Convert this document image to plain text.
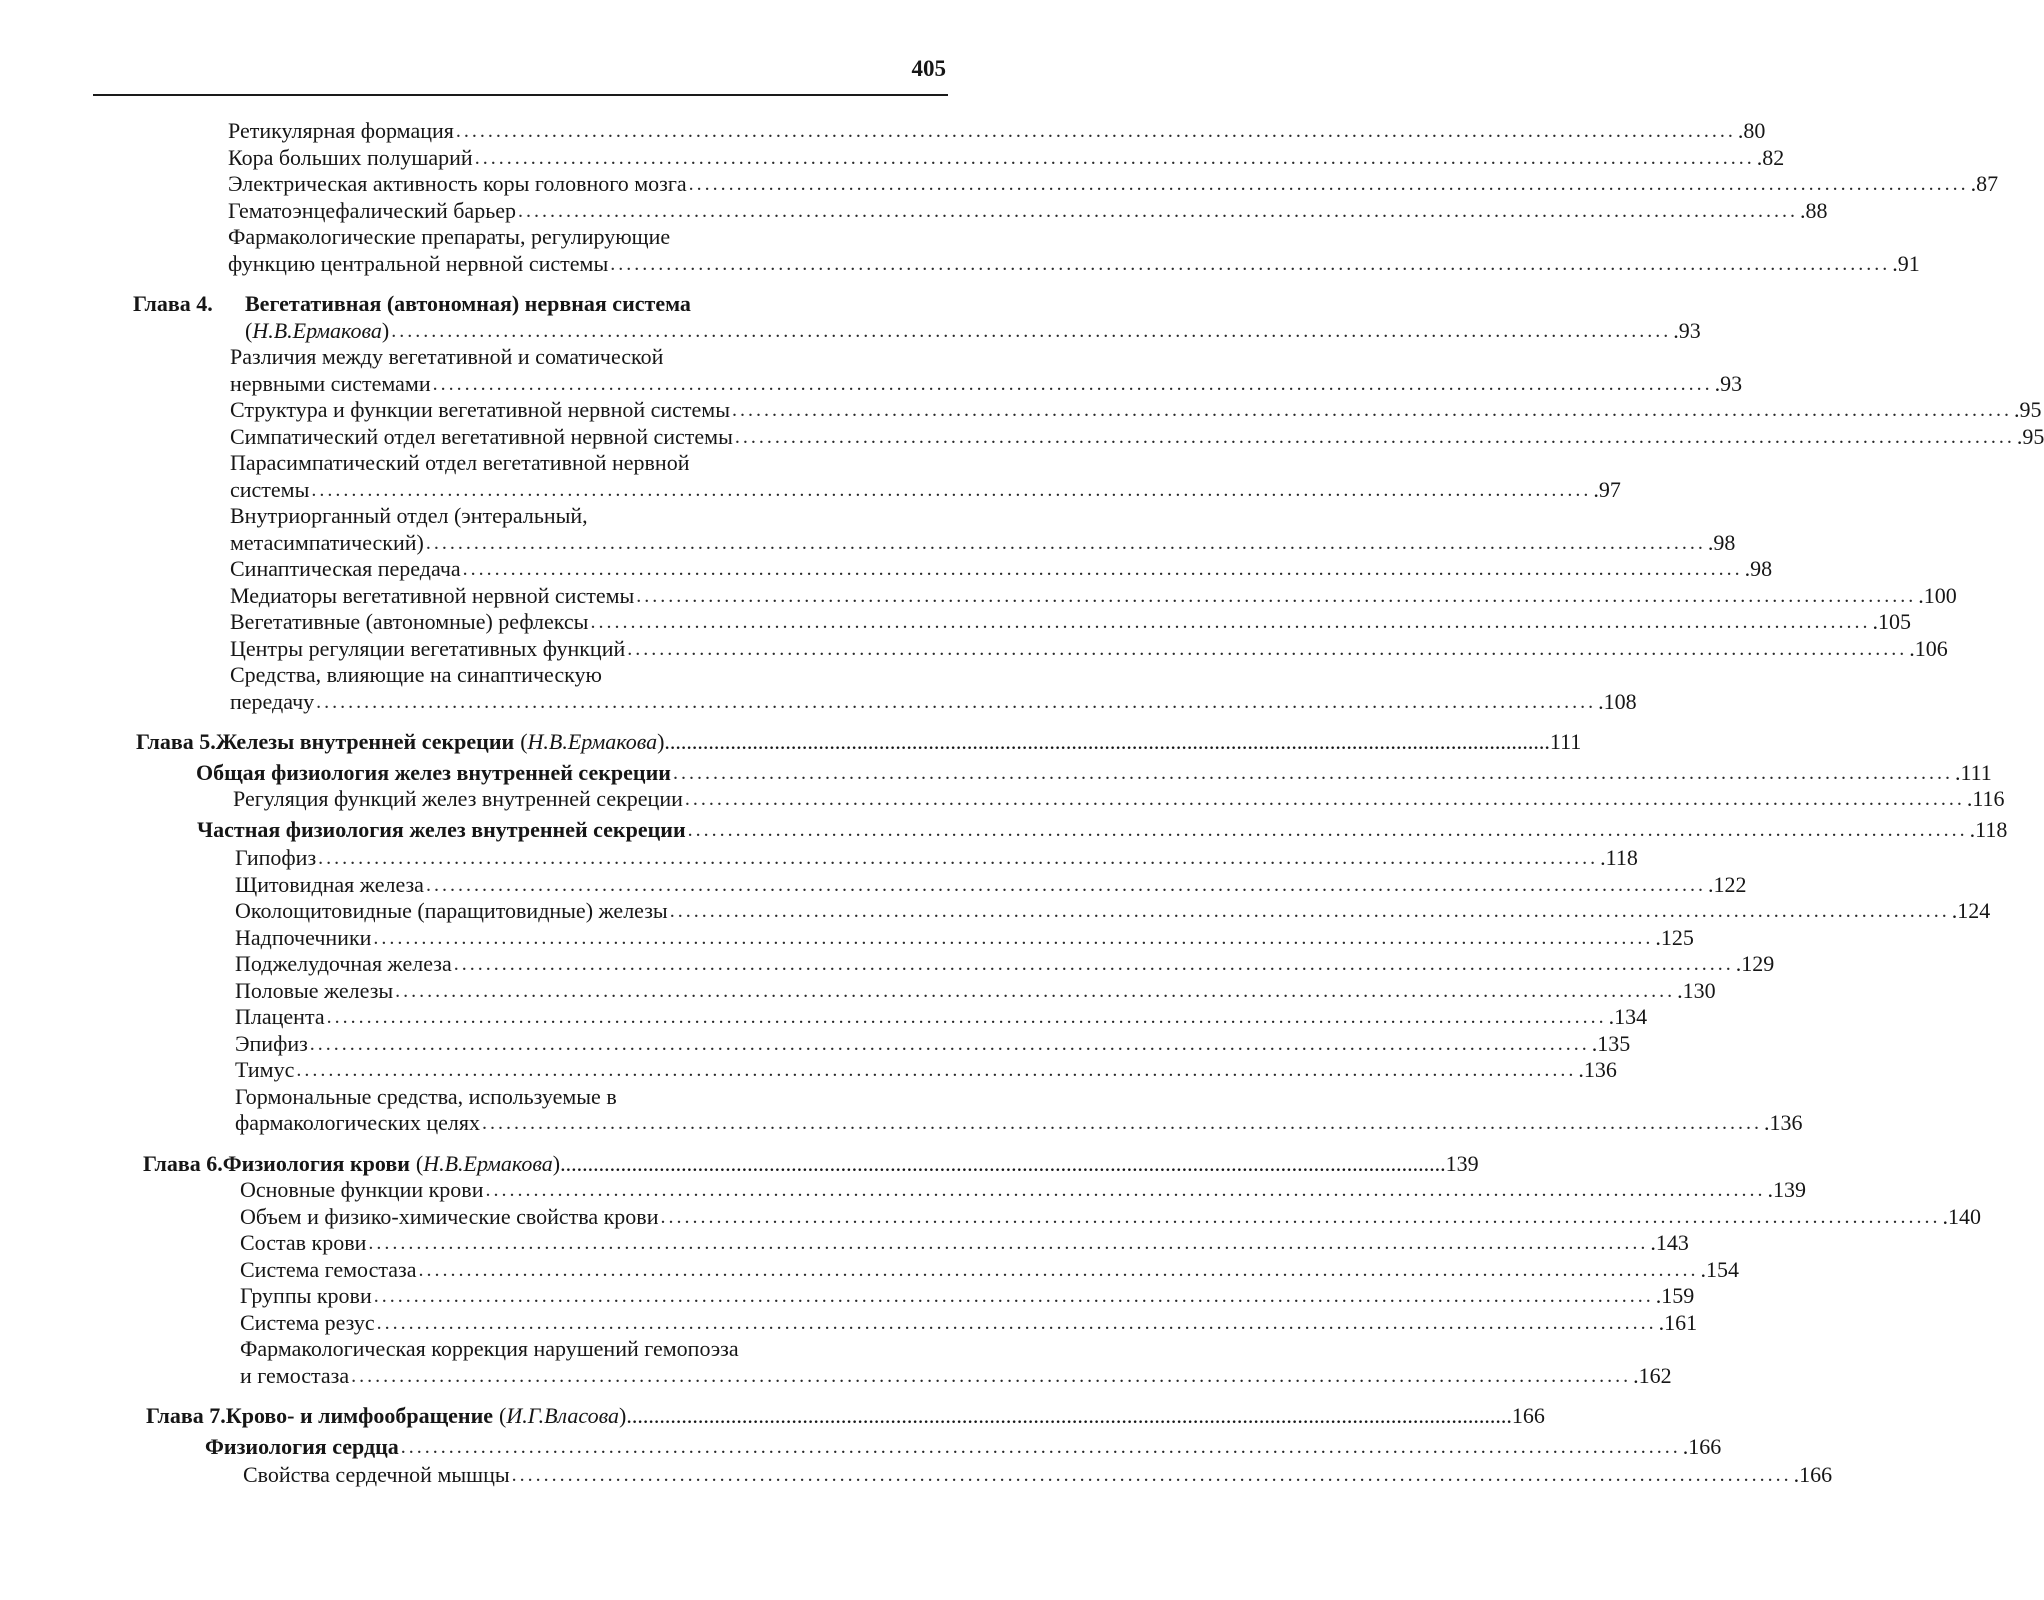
405
Ретикулярная формация ................................................................................................................................................................ .80
Кора больших полушарий ................................................................................................................................................................ .82
Электрическая активность коры головного мозга ................................................................................................................................................................ .87
Гематоэнцефалический барьер ................................................................................................................................................................ .88
Фармакологические препараты, регулирующие
функцию центральной нервной системы ................................................................................................................................................................ .91
Глава 4.	Вегетативная (автономная) нервная система
(Н.В.Ермакова) ................................................................................................................................................................ .93
Различия между вегетативной и соматической
нервными системами ................................................................................................................................................................ .93
Структура и функции вегетативной нервной системы ................................................................................................................................................................ .95
Симпатический отдел вегетативной нервной системы ................................................................................................................................................................ .95
Парасимпатический отдел вегетативной нервной
системы ................................................................................................................................................................ .97
Внутриорганный отдел (энтеральный,
метасимпатический) ................................................................................................................................................................ .98
Синаптическая передача ................................................................................................................................................................ .98
Медиаторы вегетативной нервной системы ................................................................................................................................................................ .100
Вегетативные (автономные) рефлексы ................................................................................................................................................................ .105
Центры регуляции вегетативных функций ................................................................................................................................................................ .106
Средства, влияющие на синаптическую
передачу ................................................................................................................................................................ .108
Глава 5. Железы внутренней секреции (Н.В.Ермакова) ................................................................................................................................................................ .111
Общая физиология желез внутренней секреции ................................................................................................................................................................ .111
Регуляция функций желез внутренней секреции ................................................................................................................................................................ .116
Частная физиология желез внутренней секреции ................................................................................................................................................................ .118
Гипофиз ................................................................................................................................................................ .118
Щитовидная железа ................................................................................................................................................................ .122
Околощитовидные (паращитовидные) железы ................................................................................................................................................................ .124
Надпочечники ................................................................................................................................................................ .125
Поджелудочная железа ................................................................................................................................................................ .129
Половые железы ................................................................................................................................................................ .130
Плацента ................................................................................................................................................................ .134
Эпифиз ................................................................................................................................................................ .135
Тимус ................................................................................................................................................................ .136
Гормональные средства, используемые в
фармакологических целях ................................................................................................................................................................ .136
Глава 6. Физиология крови (Н.В.Ермакова) ................................................................................................................................................................ .139
Основные функции крови ................................................................................................................................................................ .139
Объем и физико-химические свойства крови ................................................................................................................................................................ .140
Состав крови ................................................................................................................................................................ .143
Система гемостаза ................................................................................................................................................................ .154
Группы крови ................................................................................................................................................................ .159
Система резус ................................................................................................................................................................ .161
Фармакологическая коррекция нарушений гемопоэза
и гемостаза ................................................................................................................................................................ .162
Глава 7. Крово- и лимфообращение (И.Г.Власова) ................................................................................................................................................................ .166
Физиология сердца ................................................................................................................................................................ .166
Свойства сердечной мышцы ................................................................................................................................................................ .166
